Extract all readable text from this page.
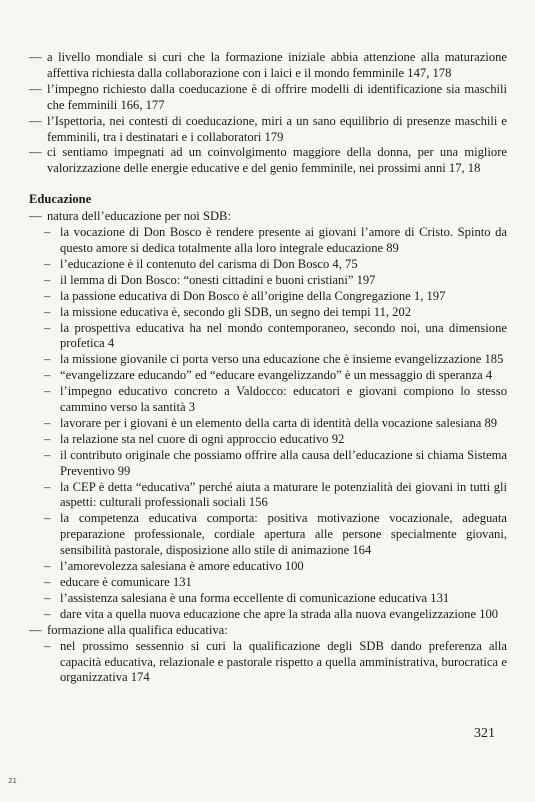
— a livello mondiale si curi che la formazione iniziale abbia attenzione alla maturazione affettiva richiesta dalla collaborazione con i laici e il mondo femminile 147, 178

— l’impegno richiesto dalla coeducazione è di offrire modelli di identificazione sia maschili che femminili 166, 177

— l’Ispettoria, nei contesti di coeducazione, miri a un sano equilibrio di presenze maschili e femminili, tra i destinatari e i collaboratori 179

— ci sentiamo impegnati ad un coinvolgimento maggiore della donna, per una migliore valorizzazione delle energie educative e del genio femminile, nei prossimi anni 17, 18

Educazione

— natura dell’educazione per noi SDB:

– la vocazione di Don Bosco è rendere presente ai giovani l’amore di Cristo. Spinto da questo amore si dedica totalmente alla loro integrale educazione 89

– l’educazione è il contenuto del carisma di Don Bosco 4, 75

– il lemma di Don Bosco: “onesti cittadini e buoni cristiani” 197

– la passione educativa di Don Bosco è all’origine della Congregazione 1, 197

– la missione educativa è, secondo gli SDB, un segno dei tempi 11, 202

– la prospettiva educativa ha nel mondo contemporaneo, secondo noi, una dimensione profetica 4

– la missione giovanile ci porta verso una educazione che è insieme evangelizzazione 185

– “evangelizzare educando” ed “educare evangelizzando” è un messaggio di speranza 4

– l’impegno educativo concreto a Valdocco: educatori e giovani compiono lo stesso cammino verso la santità 3

– lavorare per i giovani è un elemento della carta di identità della vocazione salesiana 89

– la relazione sta nel cuore di ogni approccio educativo 92

– il contributo originale che possiamo offrire alla causa dell’educazione si chiama Sistema Preventivo 99

– la CEP è detta “educativa” perché aiuta a maturare le potenzialità dei giovani in tutti gli aspetti: culturali professionali sociali 156

– la competenza educativa comporta: positiva motivazione vocazionale, adeguata preparazione professionale, cordiale apertura alle persone specialmente giovani, sensibilità pastorale, disposizione allo stile di animazione 164

– l’amorevolezza salesiana è amore educativo 100

– educare è comunicare 131

– l’assistenza salesiana è una forma eccellente di comunicazione educativa 131

– dare vita a quella nuova educazione che apre la strada alla nuova evangelizzazione 100

— formazione alla qualifica educativa:

– nel prossimo sessennio si curi la qualificazione degli SDB dando preferenza alla capacità educativa, relazionale e pastorale rispetto a quella amministrativa, burocratica e organizzativa 174

321
21
